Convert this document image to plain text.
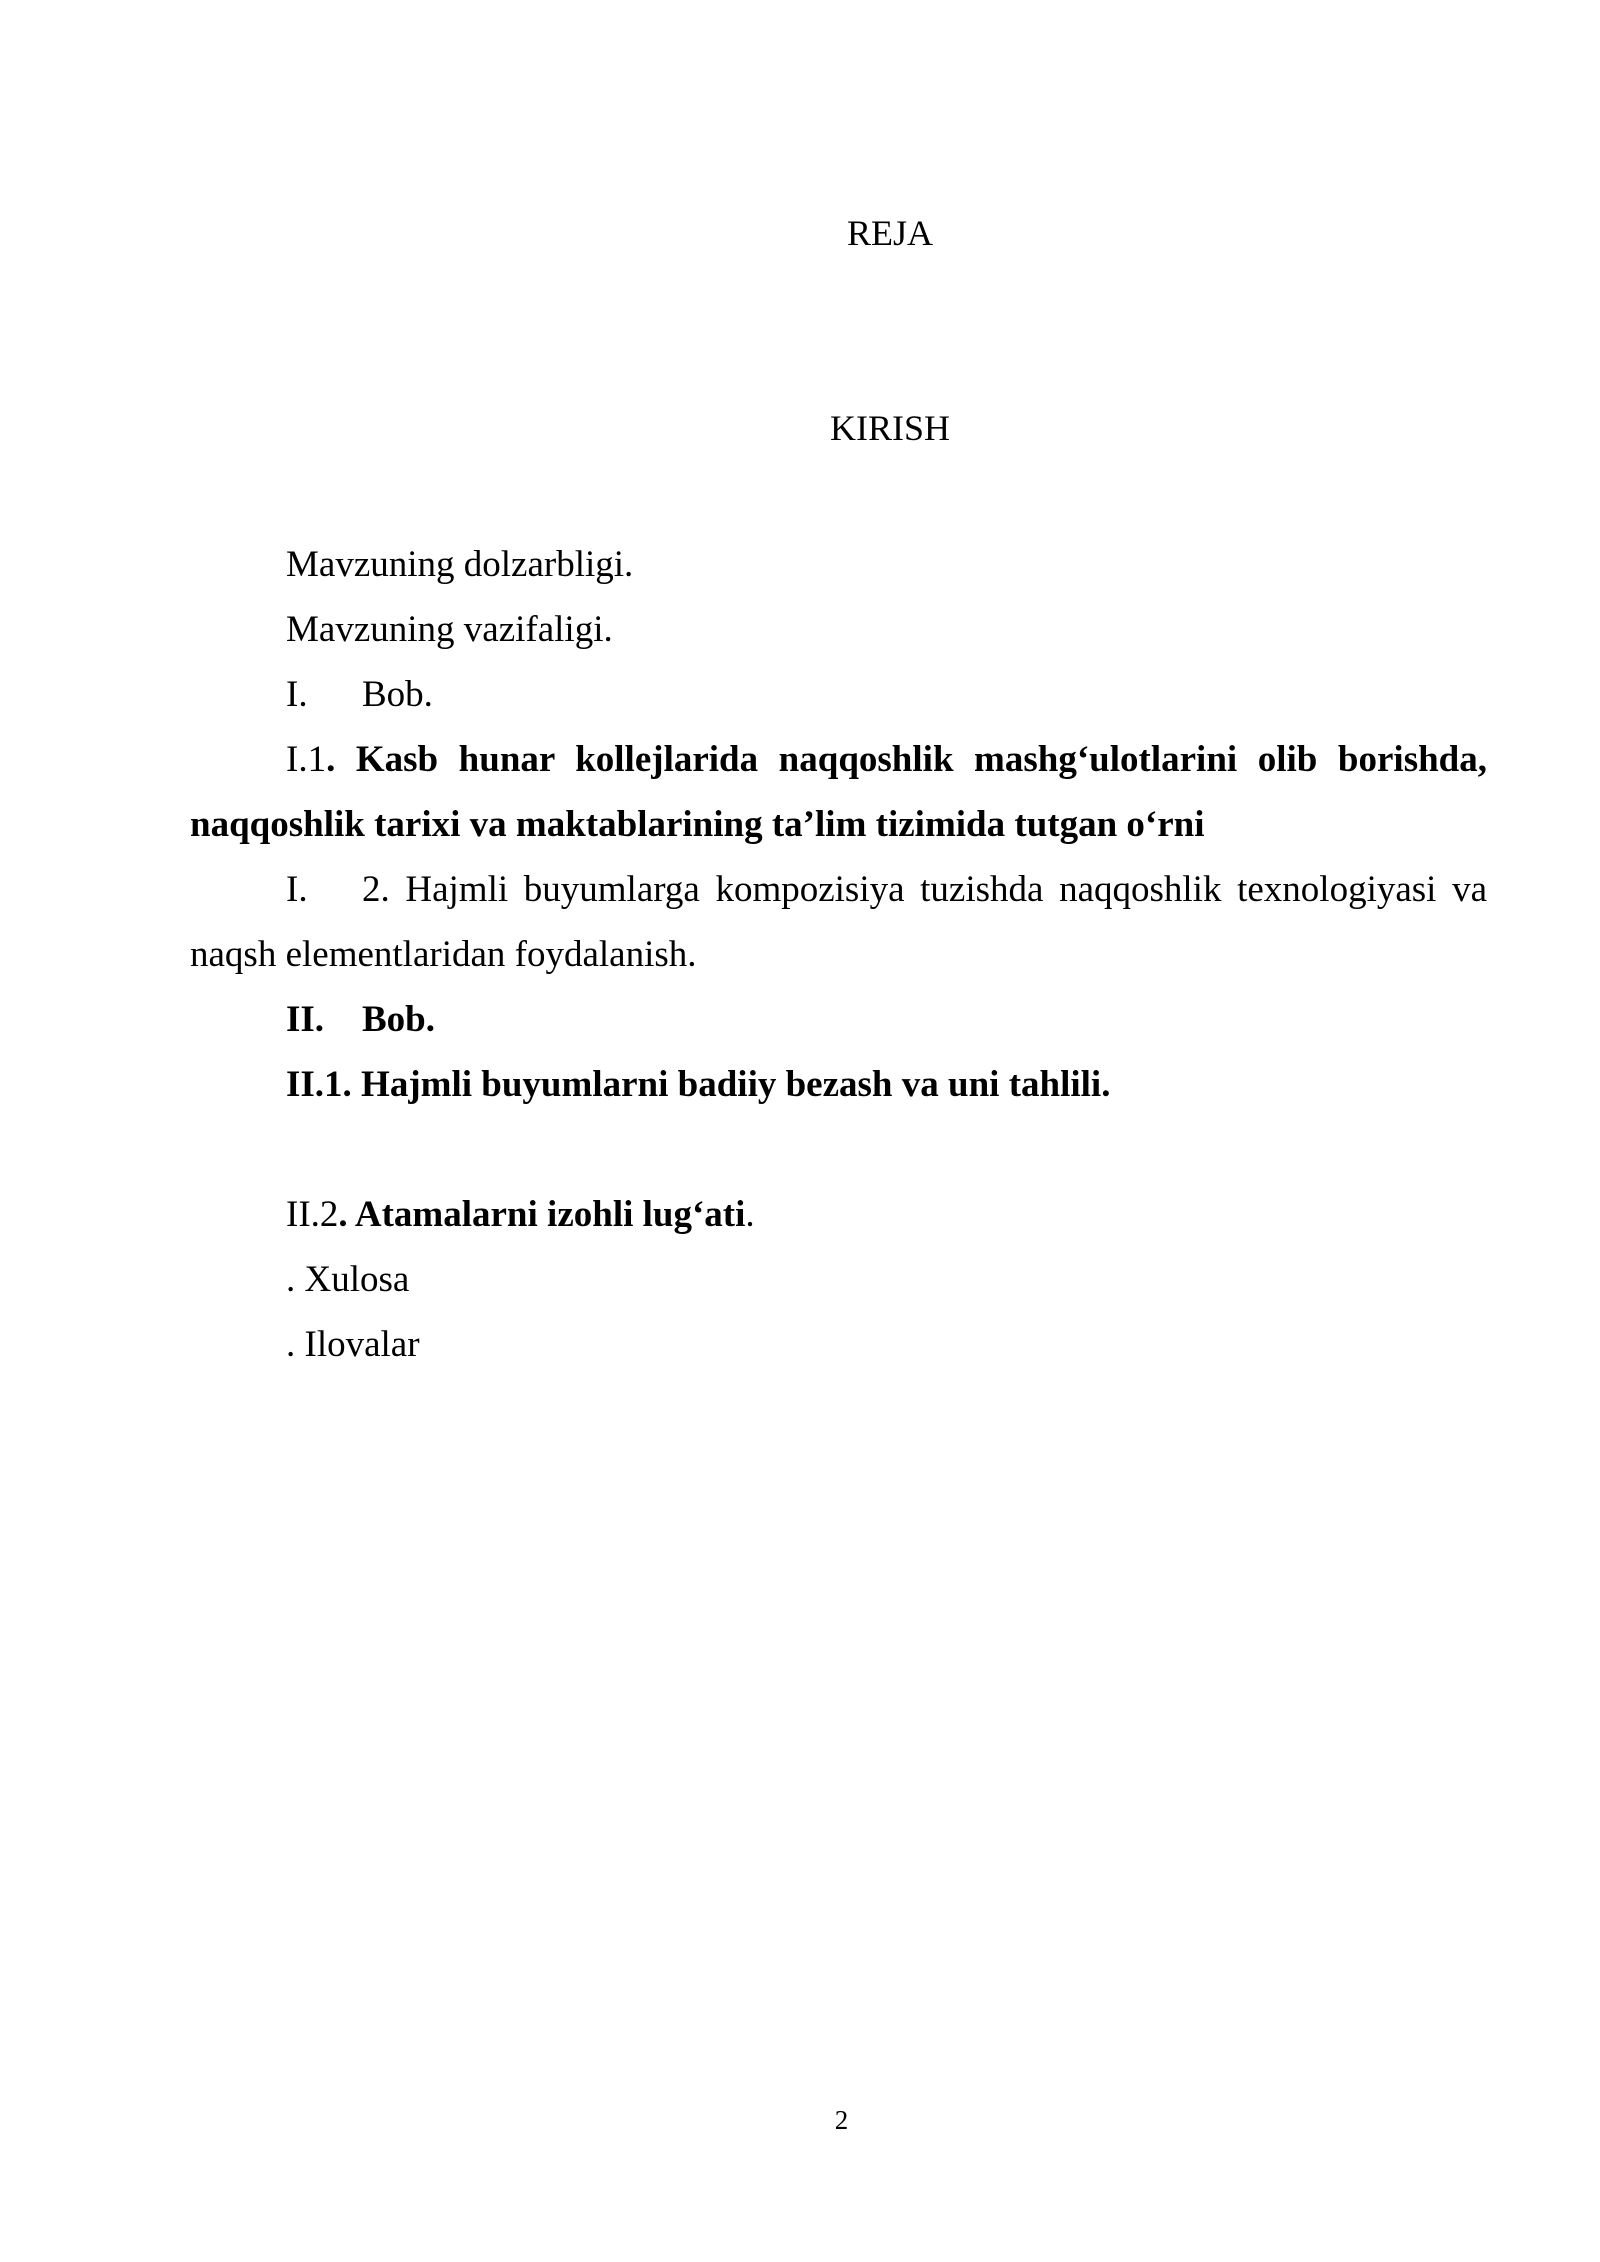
REJA
KIRISH
Mavzuning dolzarbligi.
Mavzuning vazifaligi.
I. Bob.
I.1. Kasb hunar kollejlarida naqqoshlik mashg‘ulotlarini olib borishda, naqqoshlik tarixi va maktablarining ta’lim tizimida tutgan o‘rni
I. 2. Hajmli buyumlarga kompozisiya tuzishda naqqoshlik texnologiyasi va naqsh elementlaridan foydalanish.
II. Bob.
II.1. Hajmli buyumlarni badiiy bezash va uni tahlili.
II.2. Atamalarni izohli lug‘ati.
. Xulosa
. Ilovalar
2
